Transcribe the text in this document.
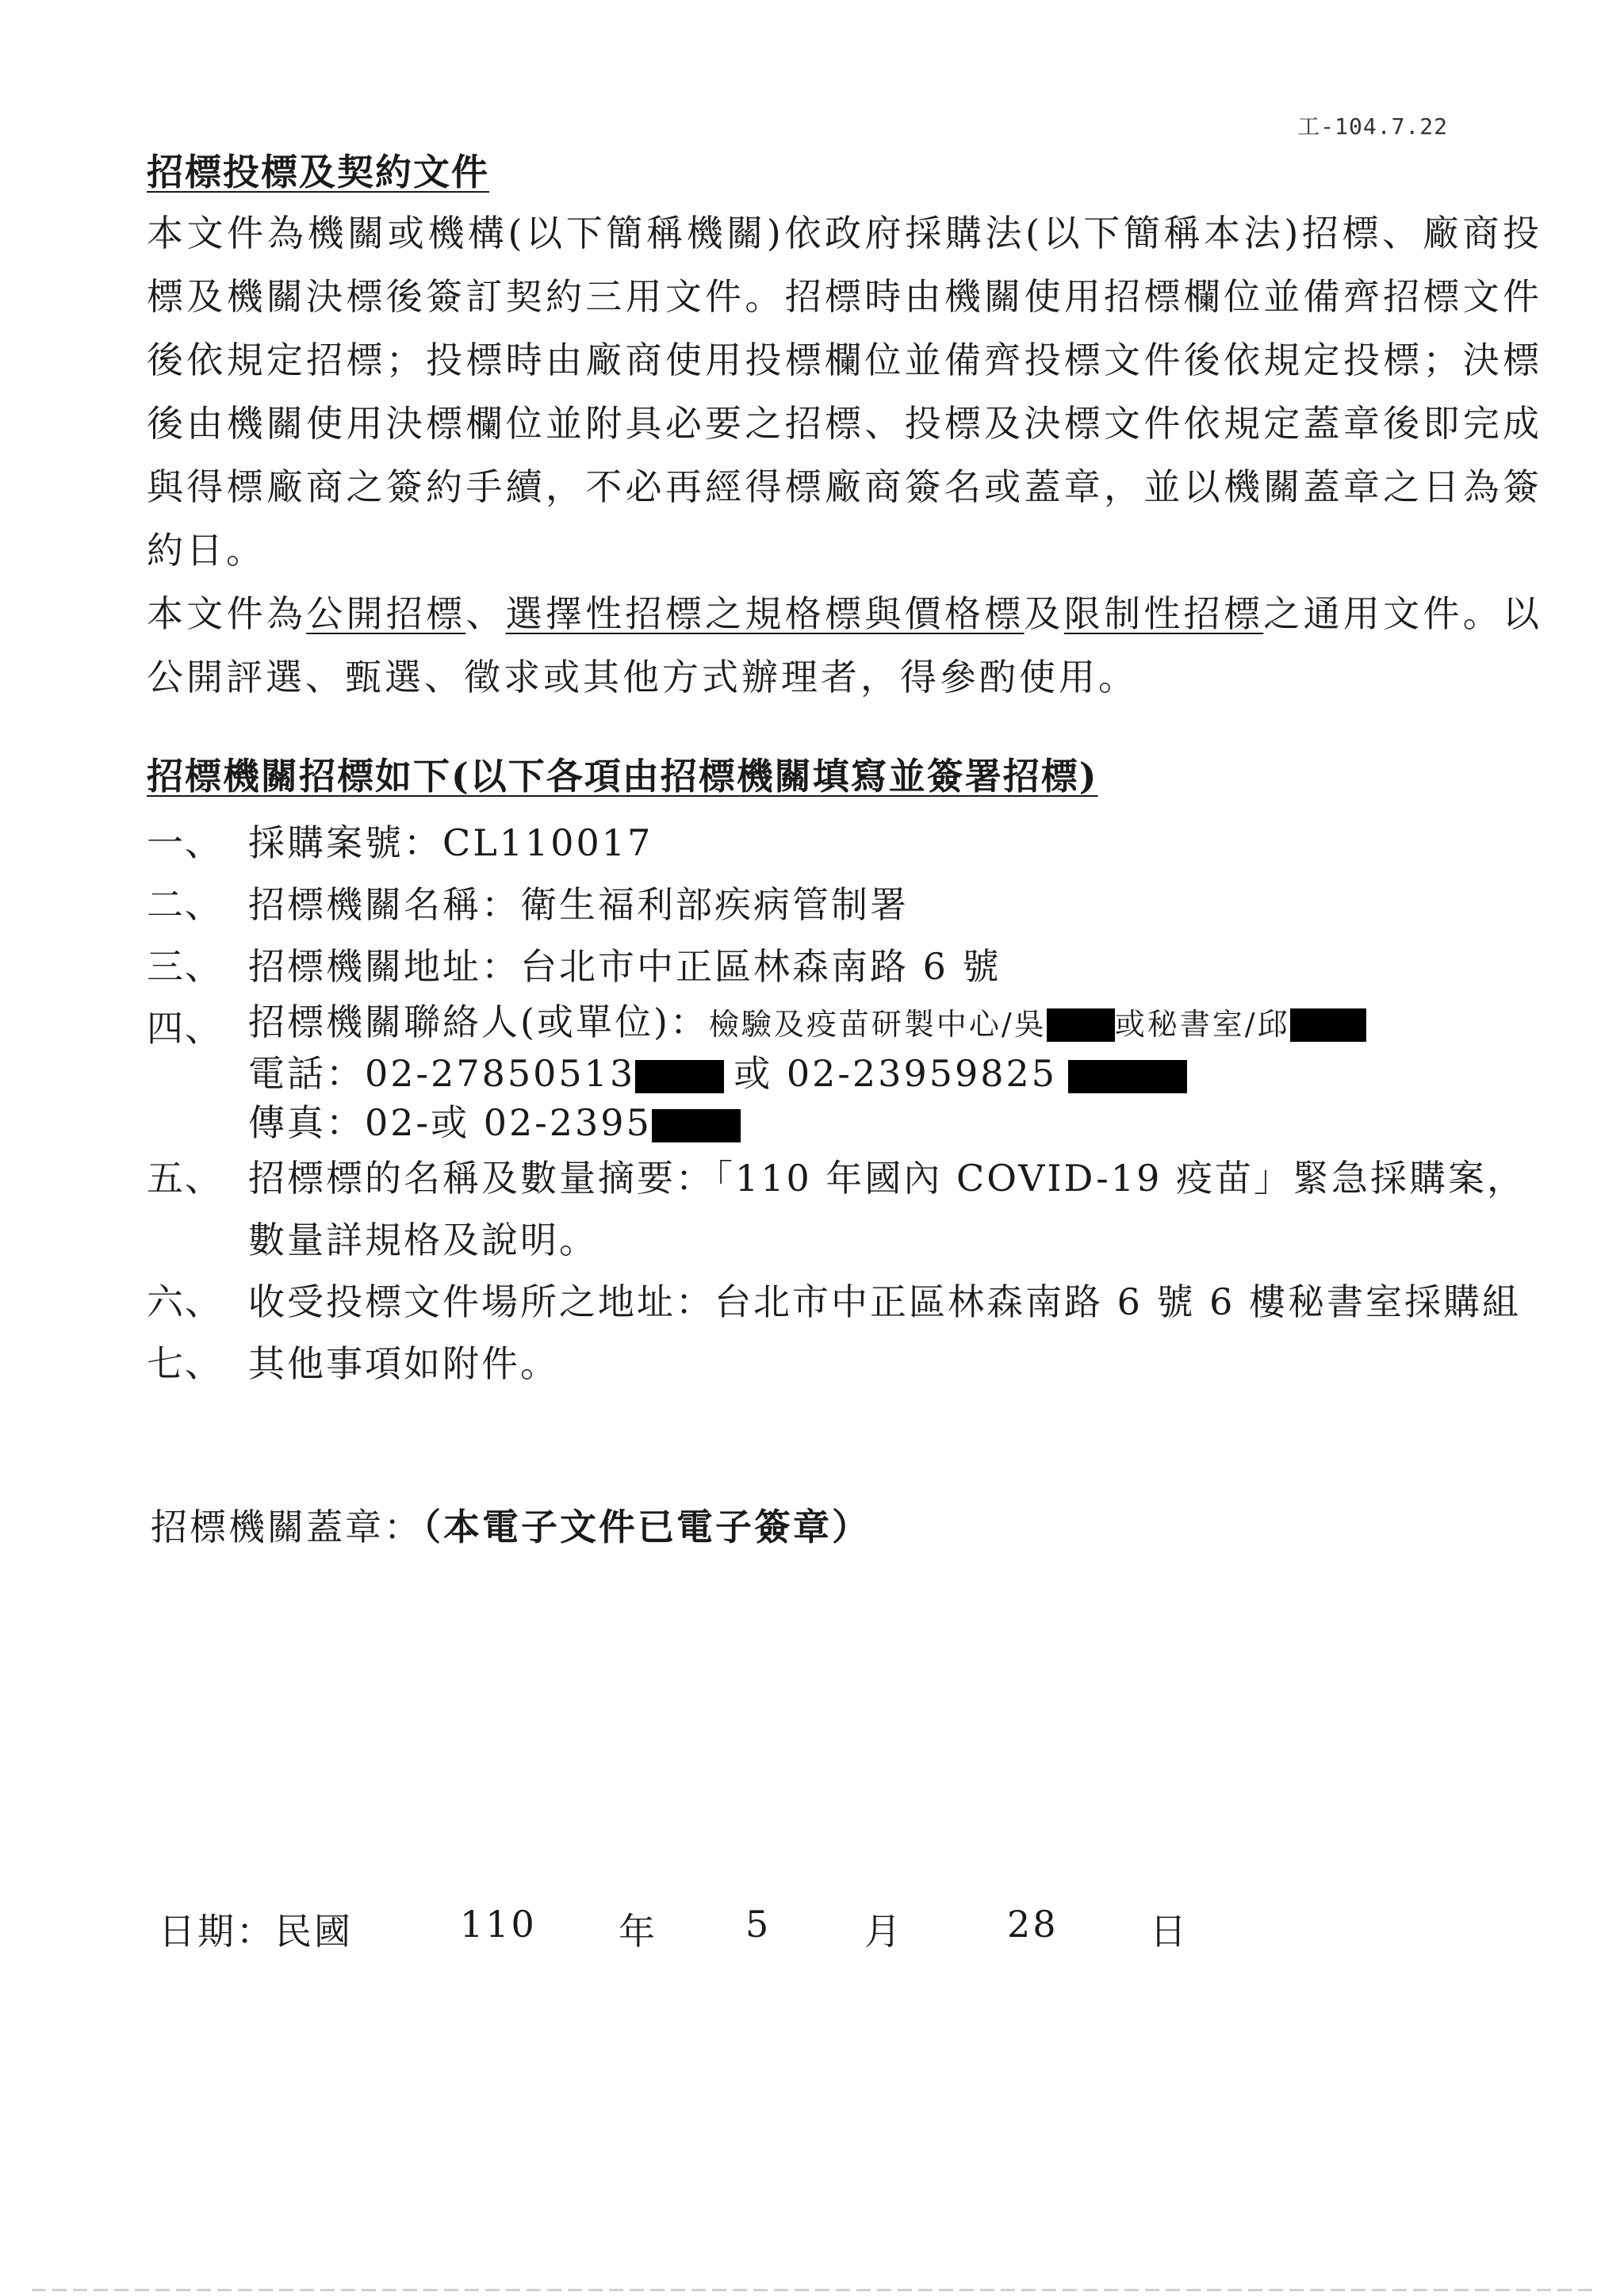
工-104.7.22
招標投標及契約文件

本文件為機關或機構(以下簡稱機關)依政府採購法(以下簡稱本法)招標、廠商投標及機關決標後簽訂契約三用文件。招標時由機關使用招標欄位並備齊招標文件後依規定招標；投標時由廠商使用投標欄位並備齊投標文件後依規定投標；決標後由機關使用決標欄位並附具必要之招標、投標及決標文件依規定蓋章後即完成與得標廠商之簽約手續，不必再經得標廠商簽名或蓋章，並以機關蓋章之日為簽約日。

本文件為公開招標、選擇性招標之規格標與價格標及限制性招標之通用文件。以公開評選、甄選、徵求或其他方式辦理者，得參酌使用。

招標機關招標如下(以下各項由招標機關填寫並簽署招標)
一、 採購案號：CL110017
二、 招標機關名稱：衛生福利部疾病管制署
三、 招標機關地址：台北市中正區林森南路 6 號
四、 招標機關聯絡人(或單位)：檢驗及疫苗研製中心/吳 或秘書室/邱
電話：02-27850513	或 02-23959825
傳真：02-或 02-2395
五、 招標標的名稱及數量摘要：「110 年國內 COVID-19 疫苗」緊急採購案，數量詳規格及說明。
六、 收受投標文件場所之地址：台北市中正區林森南路 6 號 6 樓秘書室採購組
七、 其他事項如附件。
招標機關蓋章：（本電子文件已電子簽章）
日期：民國	110 年 5	月	28	日
